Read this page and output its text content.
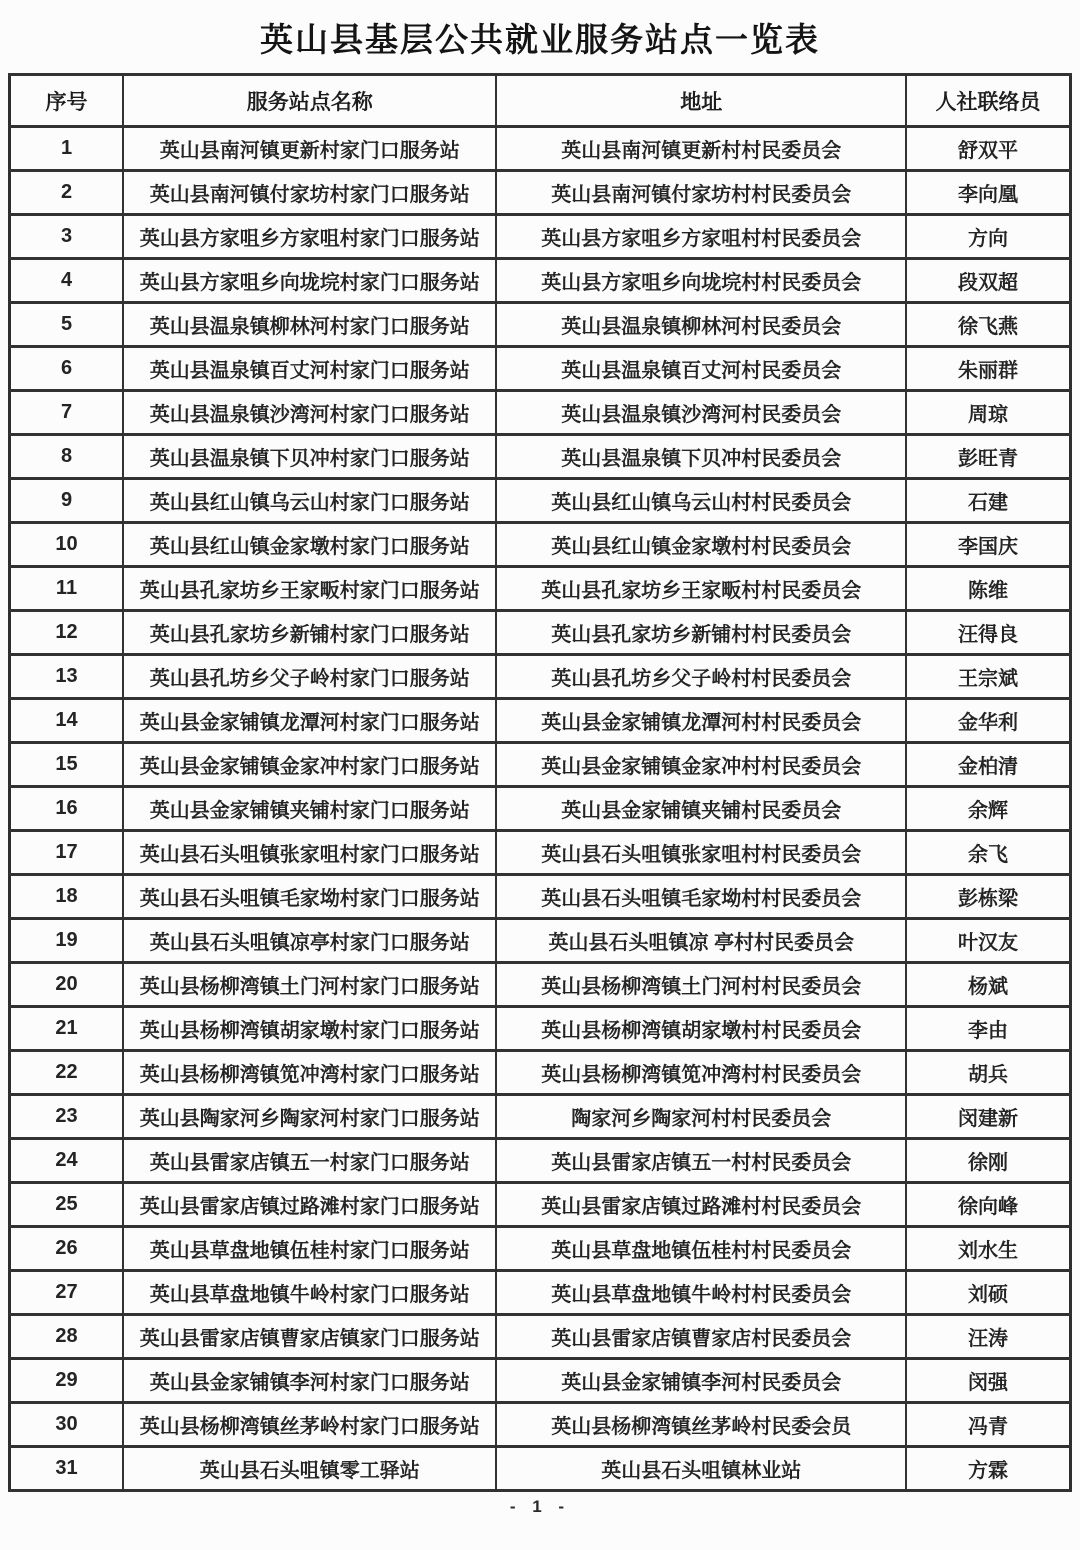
英山县基层公共就业服务站点一览表
序号	服务站点名称	地址	人社联络员
1	英山县南河镇更新村家门口服务站	英山县南河镇更新村村民委员会	舒双平
2	英山县南河镇付家坊村家门口服务站	英山县南河镇付家坊村村民委员会	李向凰
3	英山县方家咀乡方家咀村家门口服务站	英山县方家咀乡方家咀村村民委员会	方向
4	英山县方家咀乡向垅垸村家门口服务站	英山县方家咀乡向垅垸村村民委员会	段双超
5	英山县温泉镇柳林河村家门口服务站	英山县温泉镇柳林河村民委员会	徐飞燕
6	英山县温泉镇百丈河村家门口服务站	英山县温泉镇百丈河村民委员会	朱丽群
7	英山县温泉镇沙湾河村家门口服务站	英山县温泉镇沙湾河村民委员会	周琼
8	英山县温泉镇下贝冲村家门口服务站	英山县温泉镇下贝冲村民委员会	彭旺青
9	英山县红山镇乌云山村家门口服务站	英山县红山镇乌云山村村民委员会	石建
10	英山县红山镇金家墩村家门口服务站	英山县红山镇金家墩村村民委员会	李国庆
11	英山县孔家坊乡王家畈村家门口服务站	英山县孔家坊乡王家畈村村民委员会	陈维
12	英山县孔家坊乡新铺村家门口服务站	英山县孔家坊乡新铺村村民委员会	汪得良
13	英山县孔坊乡父子岭村家门口服务站	英山县孔坊乡父子岭村村民委员会	王宗斌
14	英山县金家铺镇龙潭河村家门口服务站	英山县金家铺镇龙潭河村村民委员会	金华利
15	英山县金家铺镇金家冲村家门口服务站	英山县金家铺镇金家冲村村民委员会	金柏清
16	英山县金家铺镇夹铺村家门口服务站	英山县金家铺镇夹铺村民委员会	余辉
17	英山县石头咀镇张家咀村家门口服务站	英山县石头咀镇张家咀村村民委员会	余飞
18	英山县石头咀镇毛家坳村家门口服务站	英山县石头咀镇毛家坳村村民委员会	彭栋梁
19	英山县石头咀镇凉亭村家门口服务站	英山县石头咀镇凉 亭村村民委员会	叶汉友
20	英山县杨柳湾镇土门河村家门口服务站	英山县杨柳湾镇土门河村村民委员会	杨斌
21	英山县杨柳湾镇胡家墩村家门口服务站	英山县杨柳湾镇胡家墩村村民委员会	李由
22	英山县杨柳湾镇笕冲湾村家门口服务站	英山县杨柳湾镇笕冲湾村村民委员会	胡兵
23	英山县陶家河乡陶家河村家门口服务站	陶家河乡陶家河村村民委员会	闵建新
24	英山县雷家店镇五一村家门口服务站	英山县雷家店镇五一村村民委员会	徐刚
25	英山县雷家店镇过路滩村家门口服务站	英山县雷家店镇过路滩村村民委员会	徐向峰
26	英山县草盘地镇伍桂村家门口服务站	英山县草盘地镇伍桂村村民委员会	刘水生
27	英山县草盘地镇牛岭村家门口服务站	英山县草盘地镇牛岭村村民委员会	刘硕
28	英山县雷家店镇曹家店镇家门口服务站	英山县雷家店镇曹家店村民委员会	汪涛
29	英山县金家铺镇李河村家门口服务站	英山县金家铺镇李河村民委员会	闵强
30	英山县杨柳湾镇丝茅岭村家门口服务站	英山县杨柳湾镇丝茅岭村民委会员	冯青
31	英山县石头咀镇零工驿站	英山县石头咀镇林业站	方霖
- 1 -
